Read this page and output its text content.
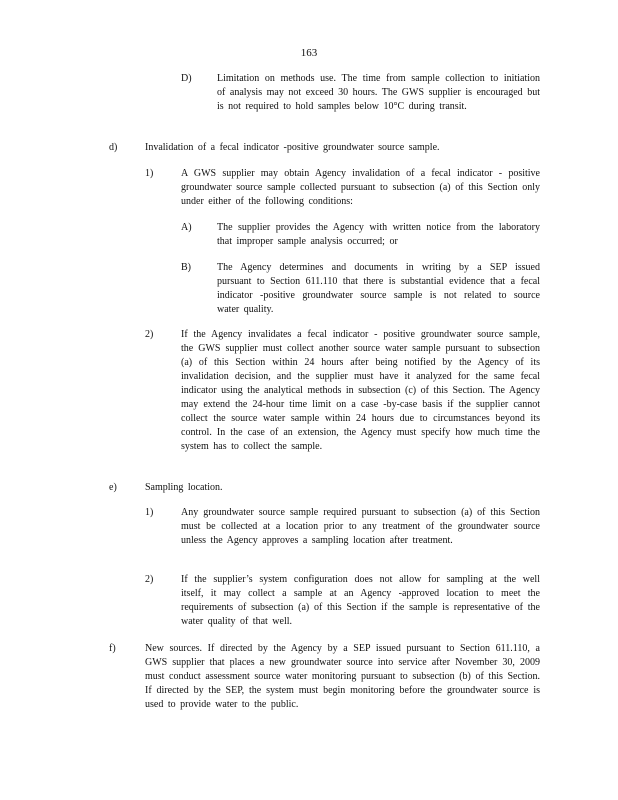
163
D)	Limitation on methods use. The time from sample collection to initiation of analysis may not exceed 30 hours. The GWS supplier is encouraged but is not required to hold samples below 10°C during transit.
d)	Invalidation of a fecal indicator -positive groundwater source sample.
1)	A GWS supplier may obtain Agency invalidation of a fecal indicator - positive groundwater source sample collected pursuant to subsection (a) of this Section only under either of the following conditions:
A)	The supplier provides the Agency with written notice from the laboratory that improper sample analysis occurred; or
B)	The Agency determines and documents in writing by a SEP issued pursuant to Section 611.110 that there is substantial evidence that a fecal indicator -positive groundwater source sample is not related to source water quality.
2)	If the Agency invalidates a fecal indicator - positive groundwater source sample, the GWS supplier must collect another source water sample pursuant to subsection (a) of this Section within 24 hours after being notified by the Agency of its invalidation decision, and the supplier must have it analyzed for the same fecal indicator using the analytical methods in subsection (c) of this Section. The Agency may extend the 24-hour time limit on a case -by-case basis if the supplier cannot collect the source water sample within 24 hours due to circumstances beyond its control. In the case of an extension, the Agency must specify how much time the system has to collect the sample.
e)	Sampling location.
1)	Any groundwater source sample required pursuant to subsection (a) of this Section must be collected at a location prior to any treatment of the groundwater source unless the Agency approves a sampling location after treatment.
2)	If the supplier’s system configuration does not allow for sampling at the well itself, it may collect a sample at an Agency -approved location to meet the requirements of subsection (a) of this Section if the sample is representative of the water quality of that well.
f)	New sources. If directed by the Agency by a SEP issued pursuant to Section 611.110, a GWS supplier that places a new groundwater source into service after November 30, 2009 must conduct assessment source water monitoring pursuant to subsection (b) of this Section. If directed by the SEP, the system must begin monitoring before the groundwater source is used to provide water to the public.
